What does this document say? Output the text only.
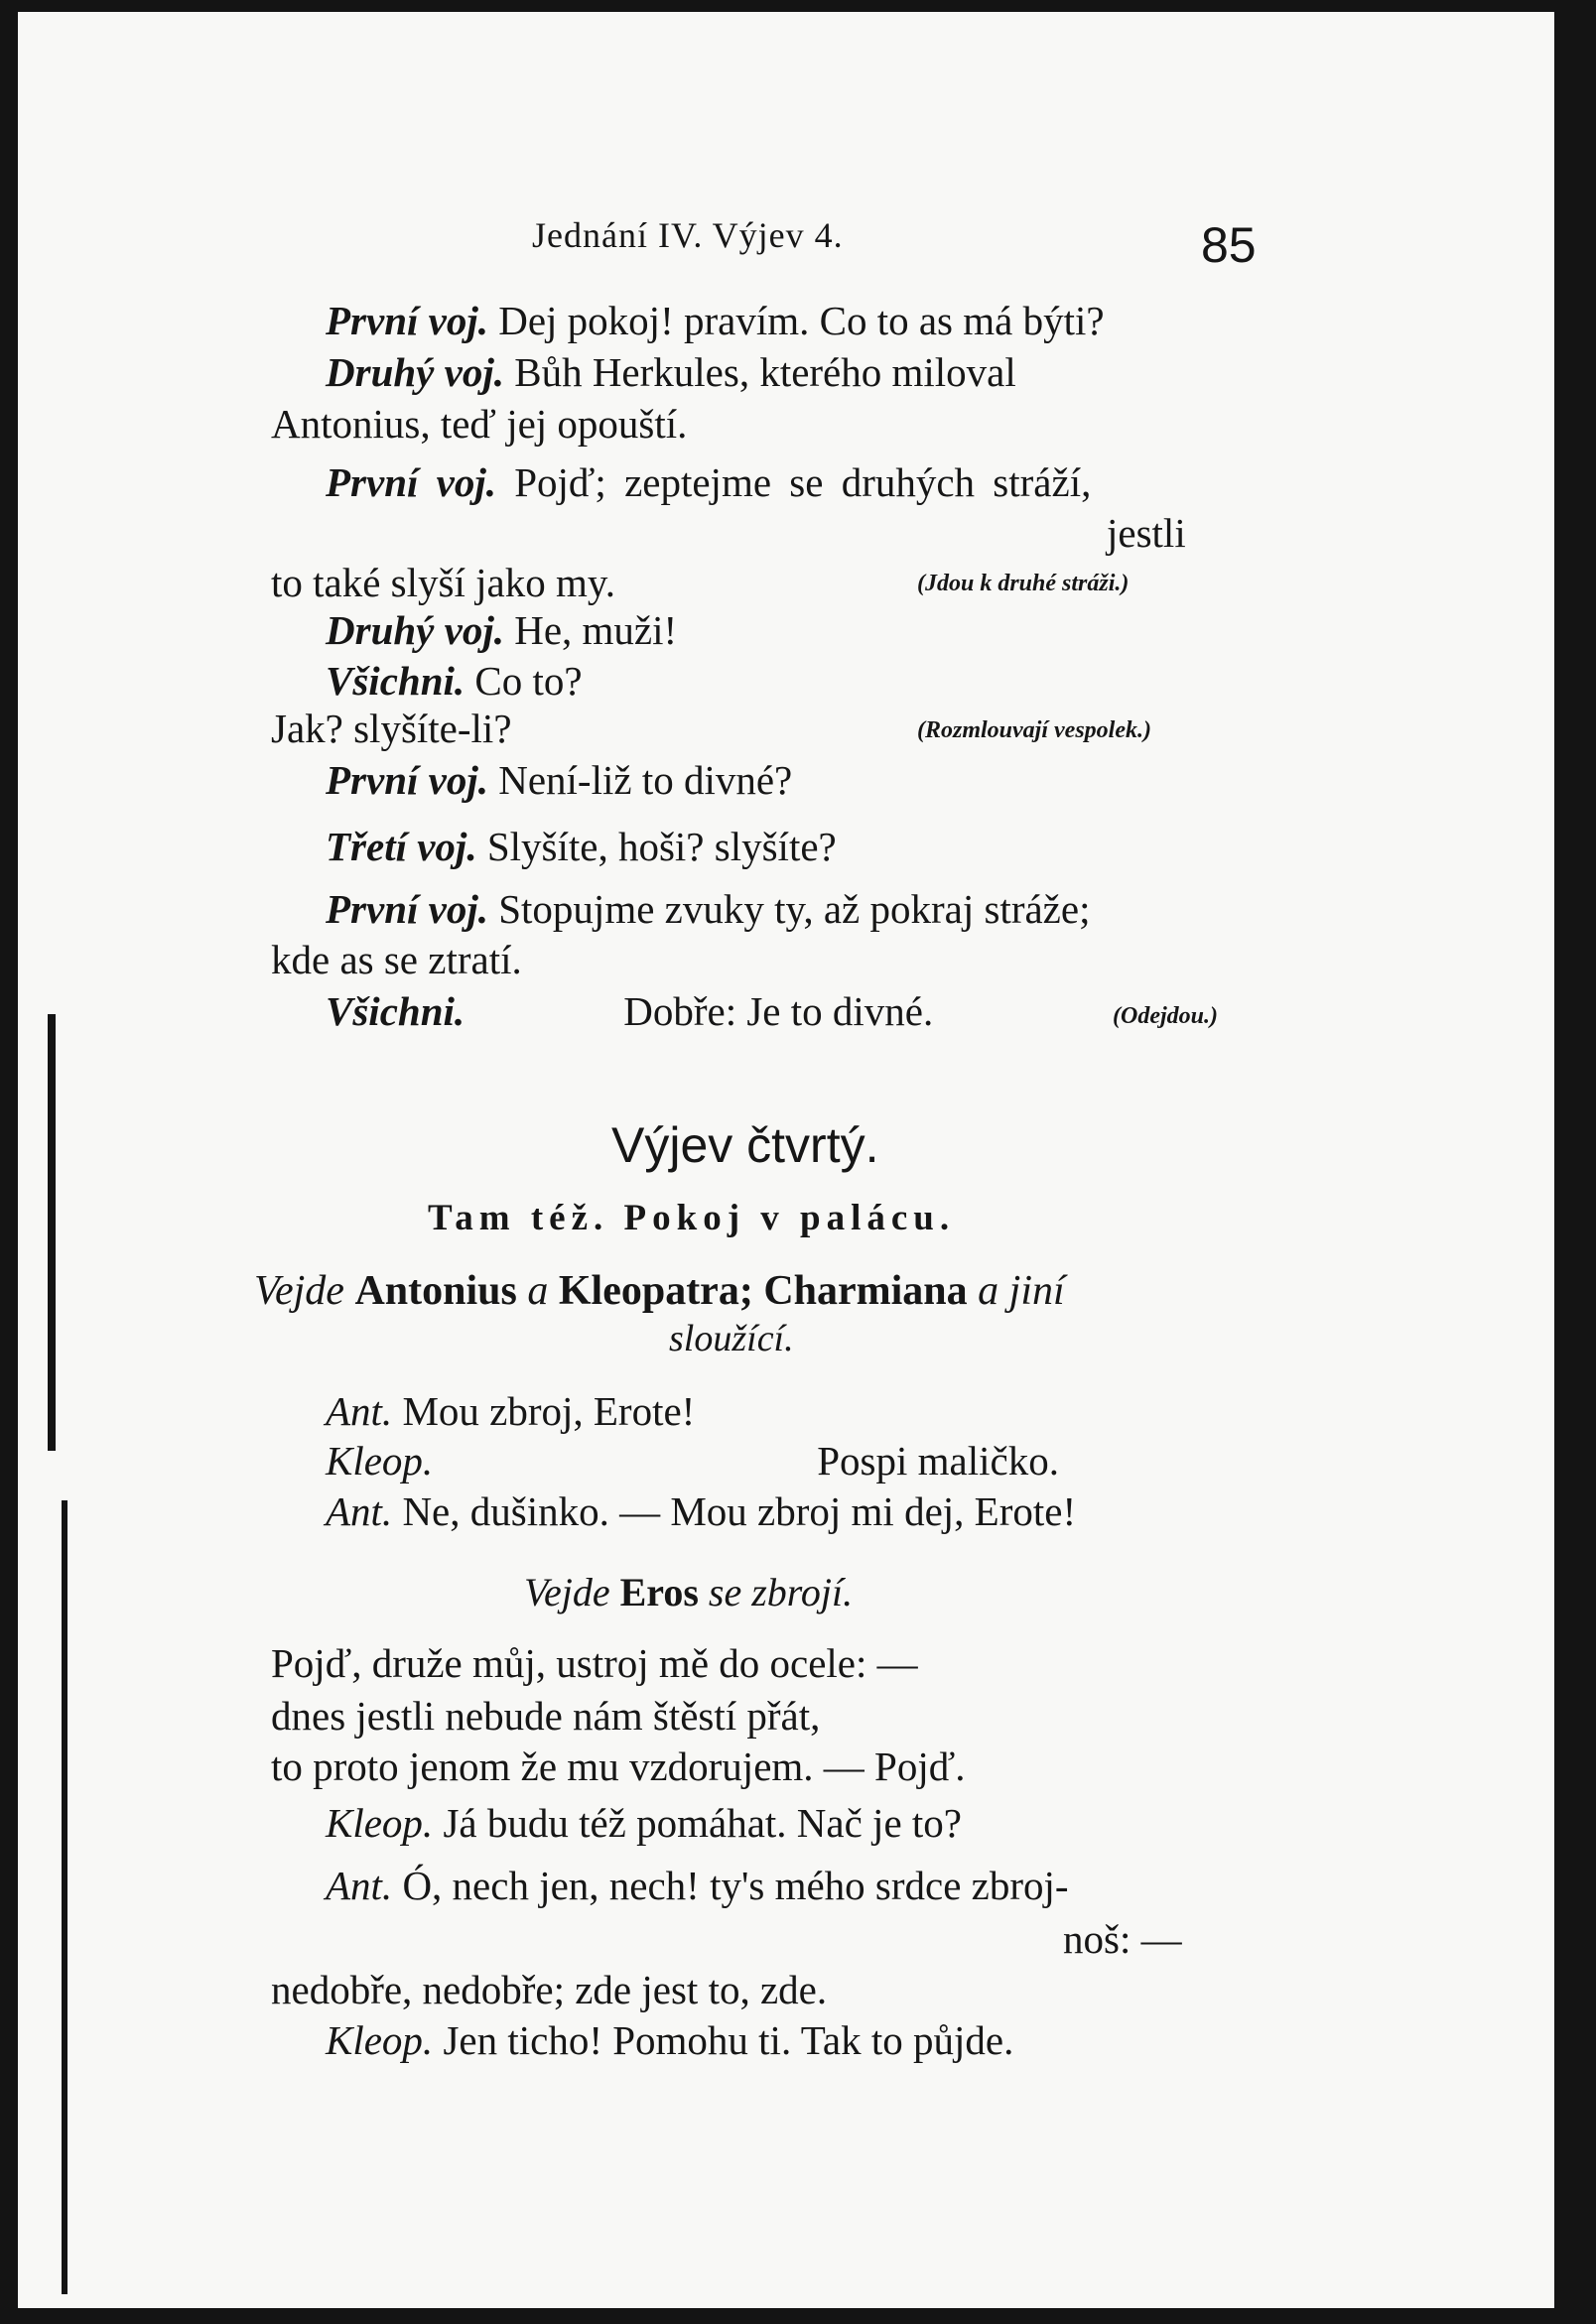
Jednání IV. Výjev 4.	85
První voj. Dej pokoj! pravím. Co to as má býti?
Druhý voj. Bůh Herkules, kterého miloval
Antonius, teď jej opouští.
První voj. Pojď; zeptejme se druhých stráží,
jestli
to také slyší jako my.	(Jdou k druhé stráži.)
Druhý voj. He, muži!
Všichni. Co to?
Jak? slyšíte-li?	(Rozmlouvají vespolek.)
První voj. Není-liž to divné?
Třetí voj. Slyšíte, hoši? slyšíte?
První voj. Stopujme zvuky ty, až pokraj stráže;
kde as se ztratí.
Všichni.	Dobře: Je to divné.	(Odejdou.)
Výjev čtvrtý.
Tam též. Pokoj v palácu.
Vejde Antonius a Kleopatra; Charmiana a jiní
sloužící.
Ant. Mou zbroj, Erote!
Kleop.	Pospi maličko.
Ant. Ne, dušinko. — Mou zbroj mi dej, Erote!
Vejde Eros se zbrojí.
Pojď, druže můj, ustroj mě do ocele: —
dnes jestli nebude nám štěstí přát,
to proto jenom že mu vzdorujem. — Pojď.
Kleop. Já budu též pomáhat. Nač je to?
Ant. Ó, nech jen, nech! ty's mého srdce zbroj-
noš: —
nedobře, nedobře; zde jest to, zde.
Kleop. Jen ticho! Pomohu ti. Tak to půjde.
